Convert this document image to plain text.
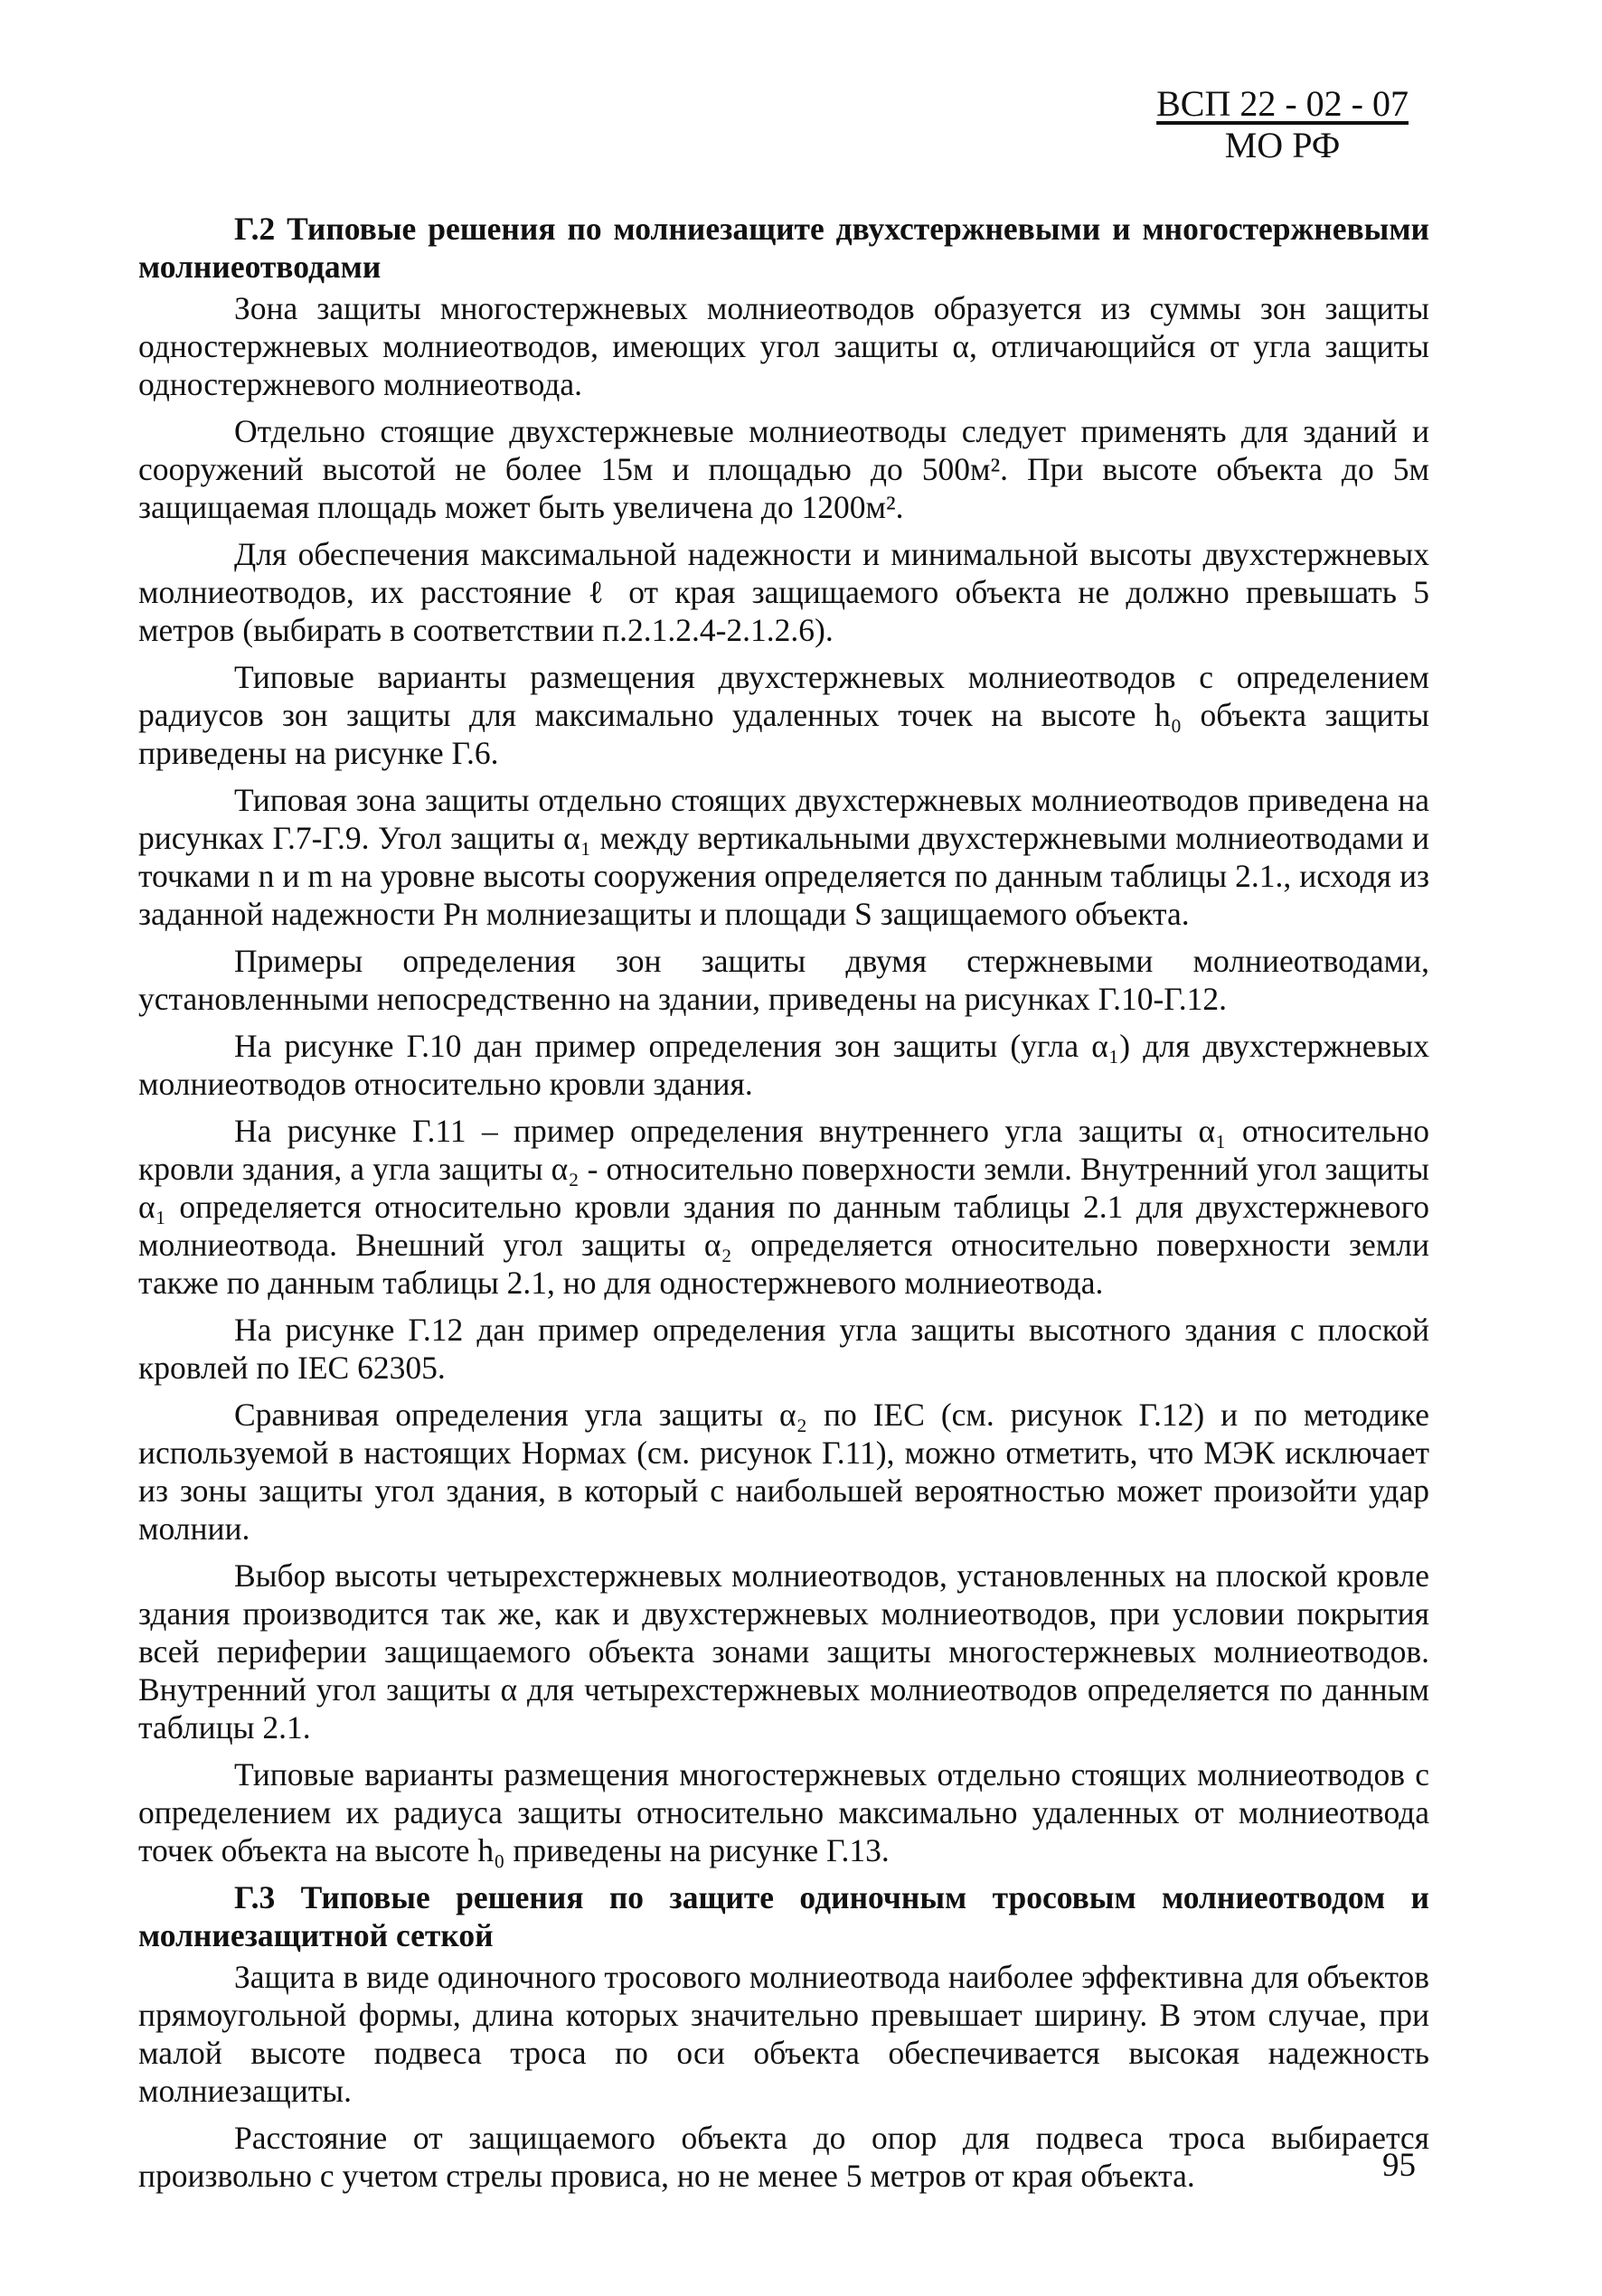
ВСП 22 - 02 - 07
МО РФ

Г.2 Типовые решения по молниезащите двухстержневыми и многостержневыми молниеотводами

Зона защиты многостержневых молниеотводов образуется из суммы зон защиты одностержневых молниеотводов, имеющих угол защиты α, отличающийся от угла защиты одностержневого молниеотвода.

Отдельно стоящие двухстержневые молниеотводы следует применять для зданий и сооружений высотой не более 15м и площадью до 500м². При высоте объекта до 5м защищаемая площадь может быть увеличена до 1200м².

Для обеспечения максимальной надежности и минимальной высоты двухстержневых молниеотводов, их расстояние ℓ от края защищаемого объекта не должно превышать 5 метров (выбирать в соответствии п.2.1.2.4-2.1.2.6).

Типовые варианты размещения двухстержневых молниеотводов с определением радиусов зон защиты для максимально удаленных точек на высоте h₀ объекта защиты приведены на рисунке Г.6.

Типовая зона защиты отдельно стоящих двухстержневых молниеотводов приведена на рисунках Г.7-Г.9. Угол защиты α₁ между вертикальными двухстержневыми молниеотводами и точками n и m на уровне высоты сооружения определяется по данным таблицы 2.1., исходя из заданной надежности Pн молниезащиты и площади S защищаемого объекта.

Примеры определения зон защиты двумя стержневыми молниеотводами, установленными непосредственно на здании, приведены на рисунках Г.10-Г.12.

На рисунке Г.10 дан пример определения зон защиты (угла α₁) для двухстержневых молниеотводов относительно кровли здания.

На рисунке Г.11 – пример определения внутреннего угла защиты α₁ относительно кровли здания, а угла защиты α₂ - относительно поверхности земли. Внутренний угол защиты α₁ определяется относительно кровли здания по данным таблицы 2.1 для двухстержневого молниеотвода. Внешний угол защиты α₂ определяется относительно поверхности земли также по данным таблицы 2.1, но для одностержневого молниеотвода.

На рисунке Г.12 дан пример определения угла защиты высотного здания с плоской кровлей по IEC 62305.

Сравнивая определения угла защиты α₂ по IEC (см. рисунок Г.12) и по методике используемой в настоящих Нормах (см. рисунок Г.11), можно отметить, что МЭК исключает из зоны защиты угол здания, в который с наибольшей вероятностью может произойти удар молнии.

Выбор высоты четырехстержневых молниеотводов, установленных на плоской кровле здания производится так же, как и двухстержневых молниеотводов, при условии покрытия всей периферии защищаемого объекта зонами защиты многостержневых молниеотводов. Внутренний угол защиты α для четырехстержневых молниеотводов определяется по данным таблицы 2.1.

Типовые варианты размещения многостержневых отдельно стоящих молниеотводов с определением их радиуса защиты относительно максимально удаленных от молниеотвода точек объекта на высоте h₀ приведены на рисунке Г.13.

Г.3 Типовые решения по защите одиночным тросовым молниеотводом и молниезащитной сеткой

Защита в виде одиночного тросового молниеотвода наиболее эффективна для объектов прямоугольной формы, длина которых значительно превышает ширину. В этом случае, при малой высоте подвеса троса по оси объекта обеспечивается высокая надежность молниезащиты.

Расстояние от защищаемого объекта до опор для подвеса троса выбирается произвольно с учетом стрелы провиса, но не менее 5 метров от края объекта.	95
